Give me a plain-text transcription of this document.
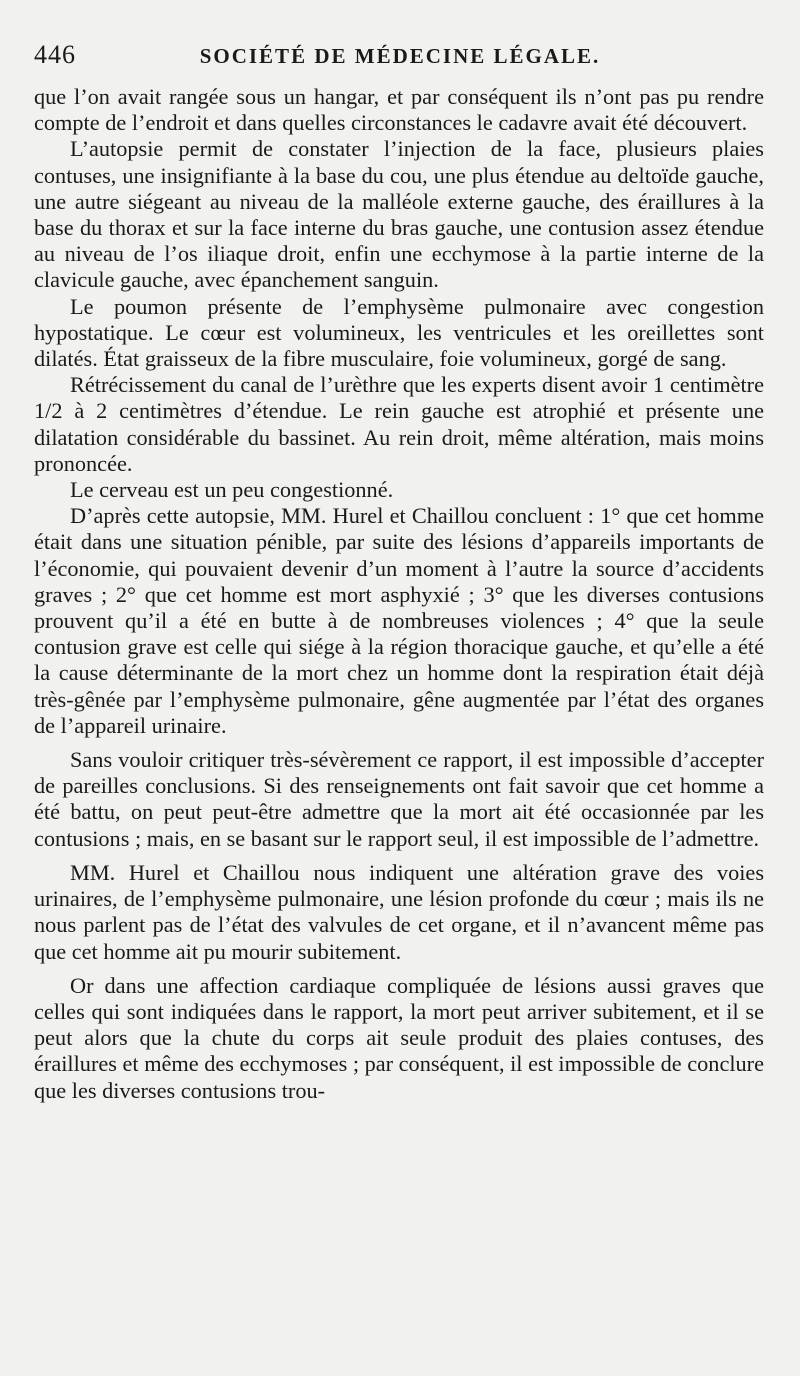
446	SOCIÉTÉ DE MÉDECINE LÉGALE.

que l’on avait rangée sous un hangar, et par conséquent ils n’ont pas pu rendre compte de l’endroit et dans quelles circonstances le cadavre avait été découvert.

L’autopsie permit de constater l’injection de la face, plusieurs plaies contuses, une insignifiante à la base du cou, une plus étendue au deltoïde gauche, une autre siégeant au niveau de la malléole externe gauche, des éraillures à la base du thorax et sur la face interne du bras gauche, une contusion assez étendue au niveau de l’os iliaque droit, enfin une ecchymose à la partie interne de la clavicule gauche, avec épanchement sanguin.

Le poumon présente de l’emphysème pulmonaire avec congestion hypostatique. Le cœur est volumineux, les ventricules et les oreillettes sont dilatés. État graisseux de la fibre musculaire, foie volumineux, gorgé de sang.

Rétrécissement du canal de l’urèthre que les experts disent avoir 1 centimètre 1/2 à 2 centimètres d’étendue. Le rein gauche est atrophié et présente une dilatation considérable du bassinet. Au rein droit, même altération, mais moins prononcée.

Le cerveau est un peu congestionné.

D’après cette autopsie, MM. Hurel et Chaillou concluent : 1° que cet homme était dans une situation pénible, par suite des lésions d’appareils importants de l’économie, qui pouvaient devenir d’un moment à l’autre la source d’accidents graves ; 2° que cet homme est mort asphyxié ; 3° que les diverses contusions prouvent qu’il a été en butte à de nombreuses violences ; 4° que la seule contusion grave est celle qui siége à la région thoracique gauche, et qu’elle a été la cause déterminante de la mort chez un homme dont la respiration était déjà très-gênée par l’emphysème pulmonaire, gêne augmentée par l’état des organes de l’appareil urinaire.

Sans vouloir critiquer très-sévèrement ce rapport, il est impossible d’accepter de pareilles conclusions. Si des renseignements ont fait savoir que cet homme a été battu, on peut peut-être admettre que la mort ait été occasionnée par les contusions ; mais, en se basant sur le rapport seul, il est impossible de l’admettre.

MM. Hurel et Chaillou nous indiquent une altération grave des voies urinaires, de l’emphysème pulmonaire, une lésion profonde du cœur ; mais ils ne nous parlent pas de l’état des valvules de cet organe, et il n’avancent même pas que cet homme ait pu mourir subitement.

Or dans une affection cardiaque compliquée de lésions aussi graves que celles qui sont indiquées dans le rapport, la mort peut arriver subitement, et il se peut alors que la chute du corps ait seule produit des plaies contuses, des éraillures et même des ecchymoses ; par conséquent, il est impossible de conclure que les diverses contusions trou-
